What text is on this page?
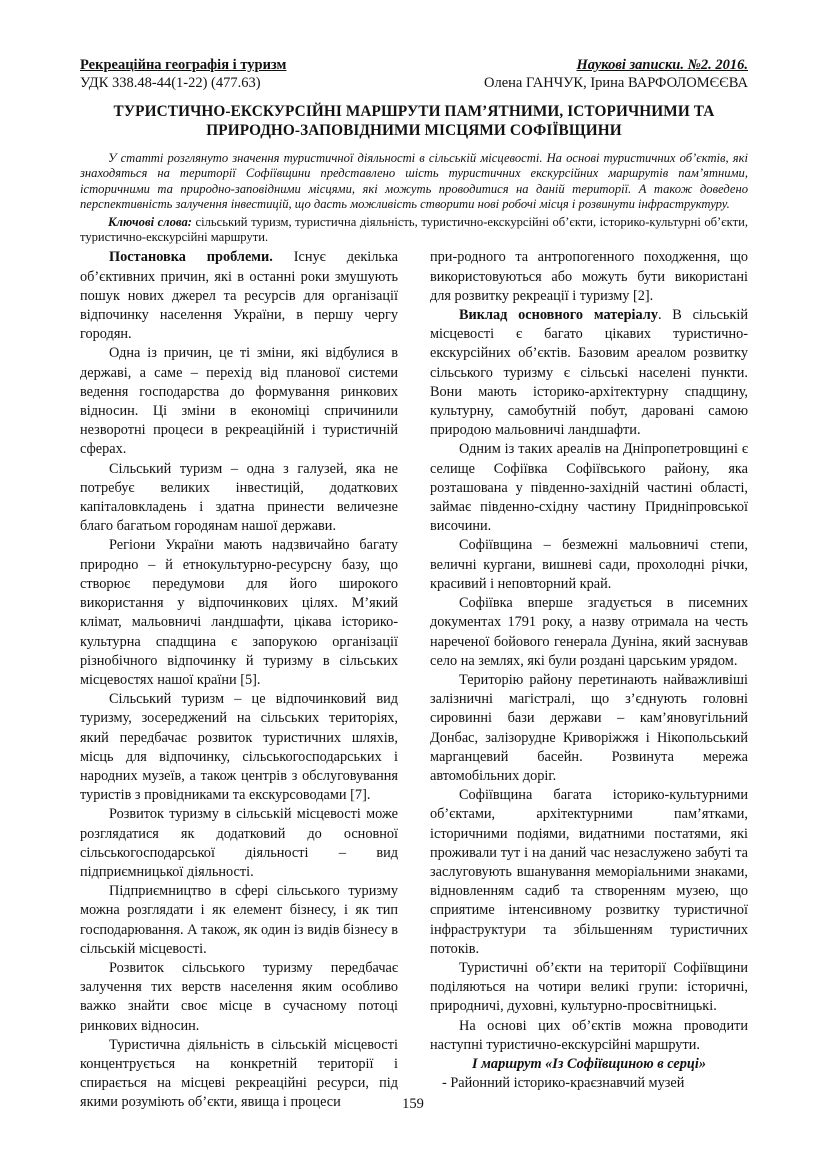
Рекреаційна географія і туризм	Наукові записки. №2. 2016.
УДК 338.48-44(1-22) (477.63)	Олена ГАНЧУК, Ірина ВАРФОЛОМЄЄВА
ТУРИСТИЧНО-ЕКСКУРСІЙНІ МАРШРУТИ ПАМ’ЯТНИМИ, ІСТОРИЧНИМИ ТА ПРИРОДНО-ЗАПОВІДНИМИ МІСЦЯМИ СОФІЇВЩИНИ
У статті розглянуто значення туристичної діяльності в сільській місцевості. На основі туристичних об’єктів, які знаходяться на території Софіївщини представлено шість туристичних екскурсійних маршрутів пам’ятними, історичними та природно-заповідними місцями, які можуть проводитися на даній території. А також доведено перспективність залучення інвестицій, що дасть можливість створити нові робочі місця і розвинути інфраструктуру.
Ключові слова: сільський туризм, туристична діяльність, туристично-екскурсійні об’єкти, історико-культурні об’єкти, туристично-екскурсійні маршрути.

Постановка проблеми. Існує декілька об’єктивних причин, які в останні роки змушують пошук нових джерел та ресурсів для організації відпочинку населення України, в першу чергу городян.

Одна із причин, це ті зміни, які відбулися в державі, а саме – перехід від планової системи ведення господарства до формування ринкових відносин. Ці зміни в економіці спричинили незворотні процеси в рекреаційній і туристичній сферах.

Сільський туризм – одна з галузей, яка не потребує великих інвестицій, додаткових капіталовкладень і здатна принести величезне благо багатьом городянам нашої держави.

Регіони України мають надзвичайно багату природно – й етнокультурно-ресурсну базу, що створює передумови для його широкого використання у відпочинкових цілях. М’який клімат, мальовничі ландшафти, цікава історико-культурна спадщина є запорукою організації різнобічного відпочинку й туризму в сільських місцевостях нашої країни [5].

Сільський туризм – це відпочинковий вид туризму, зосереджений на сільських територіях, який передбачає розвиток туристичних шляхів, місць для відпочинку, сільськогосподарських і народних музеїв, а також центрів з обслуговування туристів з провідниками та екскурсоводами [7].

Розвиток туризму в сільській місцевості може розглядатися як додатковий до основної сільськогосподарської діяльності – вид підприємницької діяльності.

Підприємництво в сфері сільського туризму можна розглядати і як елемент бізнесу, і як тип господарювання. А також, як один із видів бізнесу в сільській місцевості.

Розвиток сільського туризму передбачає залучення тих верств населення яким особливо важко знайти своє місце в сучасному потоці ринкових відносин.

Туристична діяльність в сільській місцевості концентрується на конкретній території і спирається на місцеві рекреаційні ресурси, під якими розуміють об’єкти, явища і процеси

при-родного та антропогенного походження, що використовуються або можуть бути використані для розвитку рекреації і туризму [2].

Виклад основного матеріалу. В сільській місцевості є багато цікавих туристично-екскурсійних об’єктів. Базовим ареалом розвитку сільського туризму є сільські населені пункти. Вони мають історико-архітектурну спадщину, культурну, самобутній побут, даровані самою природою мальовничі ландшафти.

Одним із таких ареалів на Дніпропетровщині є селище Софіївка Софіївського району, яка розташована у південно-західній частині області, займає південно-східну частину Придніпровської височини.

Софіївщина – безмежні мальовничі степи, величні кургани, вишневі сади, прохолодні річки, красивий і неповторний край.

Софіївка вперше згадується в писемних документах 1791 року, а назву отримала на честь нареченої бойового генерала Дуніна, який заснував село на землях, які були роздані царським урядом.

Територію району перетинають найважливіші залізничні магістралі, що з’єднують головні сировинні бази держави – кам’яновугільний Донбас, залізорудне Криворіжжя і Нікопольський марганцевий басейн. Розвинута мережа автомобільних доріг.

Софіївщина багата історико-культурними об’єктами, архітектурними пам’ятками, історичними подіями, видатними постатями, які проживали тут і на даний час незаслужено забуті та заслуговують вшанування меморіальними знаками, відновленням садиб та створенням музею, що сприятиме інтенсивному розвитку туристичної інфраструктури та збільшенням туристичних потоків.

Туристичні об’єкти на території Софіївщини поділяються на чотири великі групи: історичні, природничі, духовні, культурно-просвітницькі.

На основі цих об’єктів можна проводити наступні туристично-екскурсійні маршрути.

I маршрут «Із Софіївщиною в серці»

- Районний історико-краєзнавчий музей

159
